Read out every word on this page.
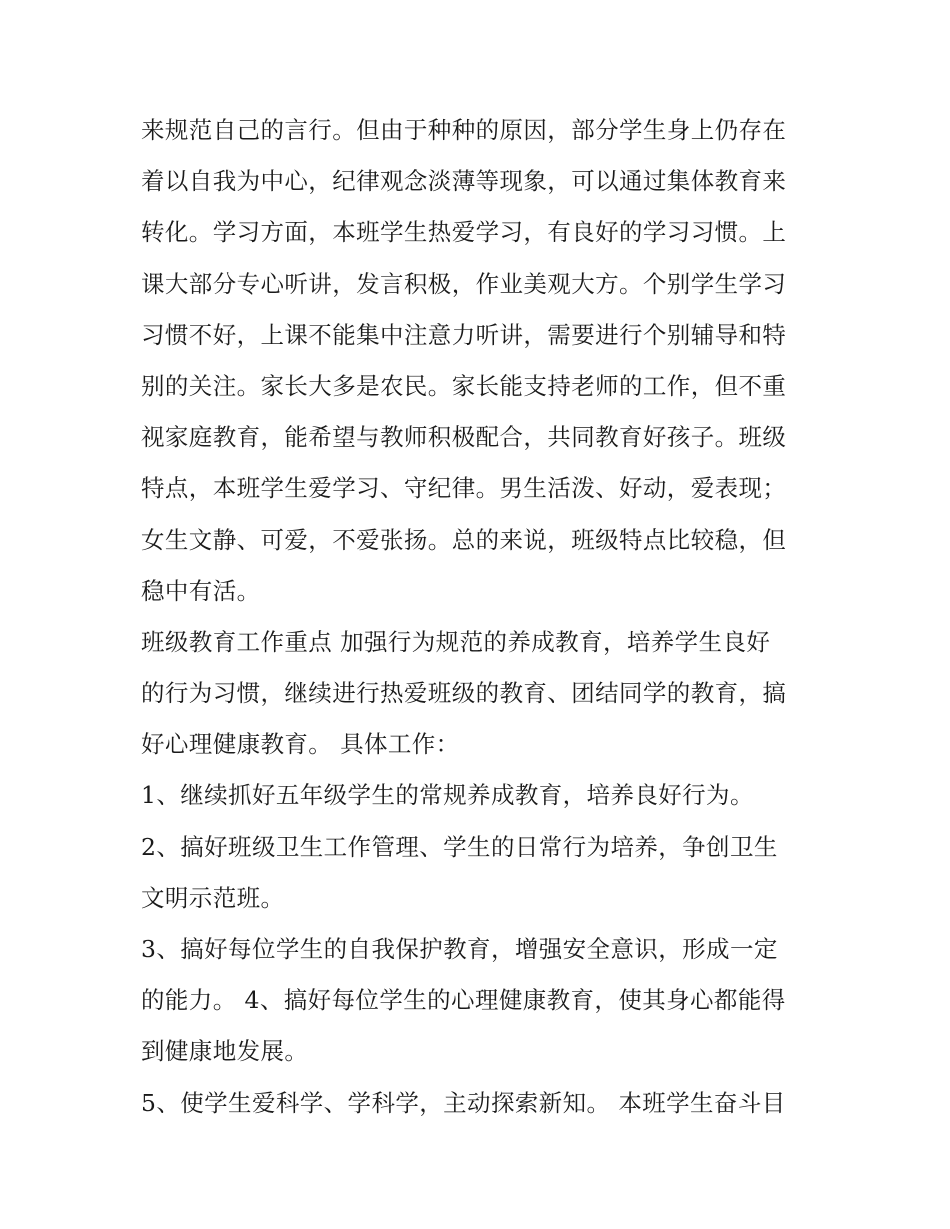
来规范自己的言行。但由于种种的原因，部分学生身上仍存在
着以自我为中心，纪律观念淡薄等现象，可以通过集体教育来
转化。学习方面，本班学生热爱学习，有良好的学习习惯。上
课大部分专心听讲，发言积极，作业美观大方。个别学生学习
习惯不好，上课不能集中注意力听讲，需要进行个别辅导和特
别的关注。家长大多是农民。家长能支持老师的工作，但不重
视家庭教育，能希望与教师积极配合，共同教育好孩子。班级
特点，本班学生爱学习、守纪律。男生活泼、好动，爱表现；
女生文静、可爱，不爱张扬。总的来说，班级特点比较稳，但
稳中有活。
班级教育工作重点 加强行为规范的养成教育，培养学生良好
的行为习惯，继续进行热爱班级的教育、团结同学的教育，搞
好心理健康教育。 具体工作：
1、继续抓好五年级学生的常规养成教育，培养良好行为。
2、搞好班级卫生工作管理、学生的日常行为培养，争创卫生
文明示范班。
3、搞好每位学生的自我保护教育，增强安全意识，形成一定
的能力。 4、搞好每位学生的心理健康教育，使其身心都能得
到健康地发展。
5、使学生爱科学、学科学，主动探索新知。 本班学生奋斗目
